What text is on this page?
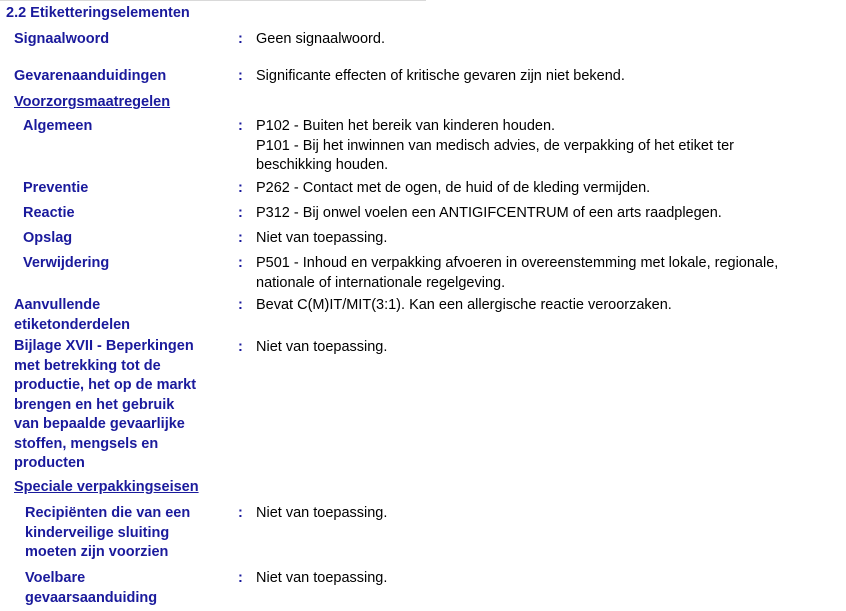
2.2 Etiketteringselementen
Signaalwoord	: Geen signaalwoord.
Gevarenaanduidingen	: Significante effecten of kritische gevaren zijn niet bekend.
Voorzorgsmaatregelen
Algemeen	: P102 - Buiten het bereik van kinderen houden.
P101 - Bij het inwinnen van medisch advies, de verpakking of het etiket ter
beschikking houden.
Preventie	: P262 - Contact met de ogen, de huid of de kleding vermijden.
Reactie	: P312 - Bij onwel voelen een ANTIGIFCENTRUM of een arts raadplegen.
Opslag	: Niet van toepassing.
Verwijdering	: P501 - Inhoud en verpakking afvoeren in overeenstemming met lokale, regionale,
nationale of internationale regelgeving.
Aanvullende
etiketonderdelen
: Bevat C(M)IT/MIT(3:1). Kan een allergische reactie veroorzaken.
Bijlage XVII - Beperkingen
met betrekking tot de
productie, het op de markt
brengen en het gebruik
van bepaalde gevaarlijke
stoffen, mengsels en
producten
: Niet van toepassing.
Speciale verpakkingseisen
Recipiënten die van een
kinderveilige sluiting
moeten zijn voorzien
: Niet van toepassing.
Voelbare
gevaarsaanduiding
: Niet van toepassing.
